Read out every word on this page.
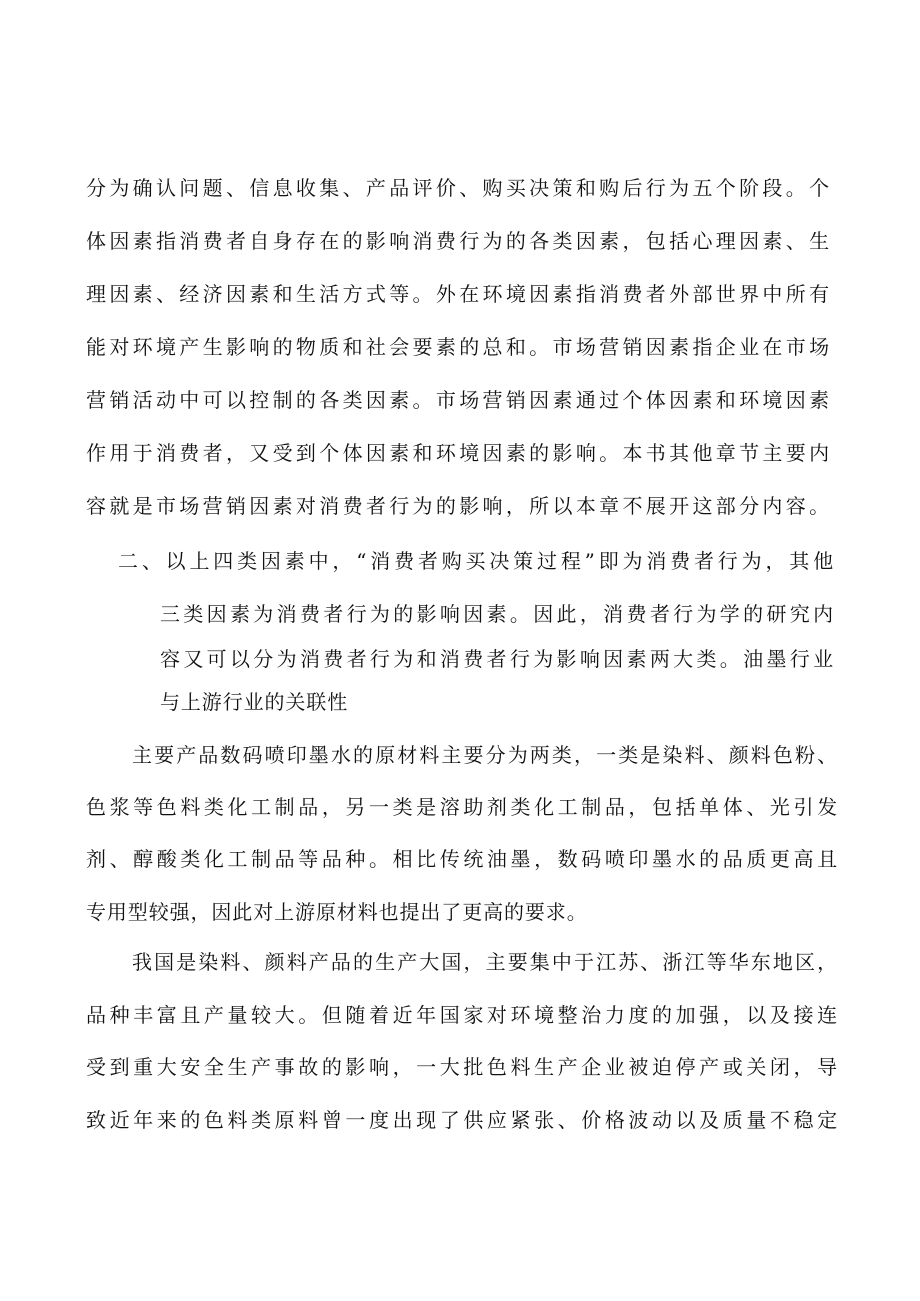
分为确认问题、信息收集、产品评价、购买决策和购后行为五个阶段。个
体因素指消费者自身存在的影响消费行为的各类因素，包括心理因素、生
理因素、经济因素和生活方式等。外在环境因素指消费者外部世界中所有
能对环境产生影响的物质和社会要素的总和。市场营销因素指企业在市场
营销活动中可以控制的各类因素。市场营销因素通过个体因素和环境因素
作用于消费者，又受到个体因素和环境因素的影响。本书其他章节主要内
容就是市场营销因素对消费者行为的影响，所以本章不展开这部分内容。
二、以上四类因素中，“消费者购买决策过程”即为消费者行为，其他
三类因素为消费者行为的影响因素。因此，消费者行为学的研究内
容又可以分为消费者行为和消费者行为影响因素两大类。油墨行业
与上游行业的关联性
主要产品数码喷印墨水的原材料主要分为两类，一类是染料、颜料色粉、
色浆等色料类化工制品，另一类是溶助剂类化工制品，包括单体、光引发
剂、醇酸类化工制品等品种。相比传统油墨，数码喷印墨水的品质更高且
专用型较强，因此对上游原材料也提出了更高的要求。
我国是染料、颜料产品的生产大国，主要集中于江苏、浙江等华东地区，
品种丰富且产量较大。但随着近年国家对环境整治力度的加强，以及接连
受到重大安全生产事故的影响，一大批色料生产企业被迫停产或关闭，导
致近年来的色料类原料曾一度出现了供应紧张、价格波动以及质量不稳定
